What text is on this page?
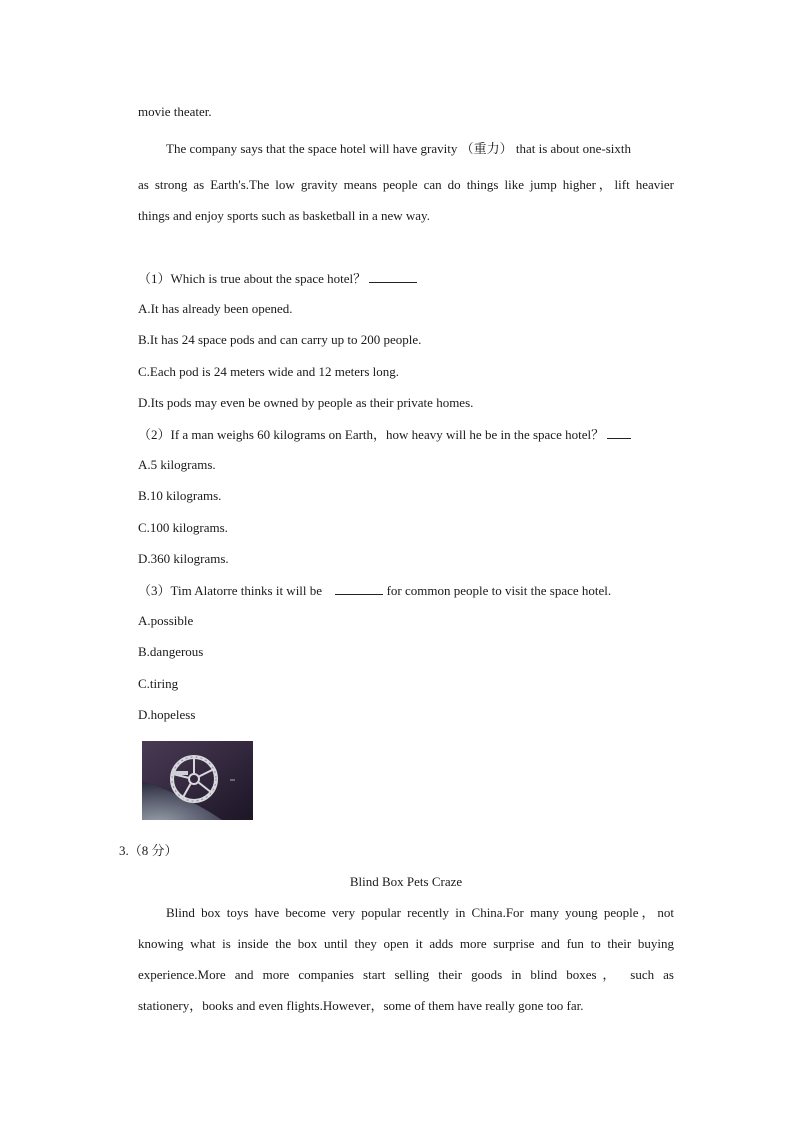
movie theater.
The company says that the space hotel will have gravity （重力） that is about one-sixth
as strong as Earth's.The low gravity means people can do things like jump higher，lift heavier
things and enjoy sports such as basketball in a new way.
（1）Which is true about the space hotel？
A.It has already been opened.
B.It has 24 space pods and can carry up to 200 people.
C.Each pod is 24 meters wide and 12 meters long.
D.Its pods may even be owned by people as their private homes.
（2）If a man weighs 60 kilograms on Earth，how heavy will he be in the space hotel？
A.5 kilograms.
B.10 kilograms.
C.100 kilograms.
D.360 kilograms.
（3）Tim Alatorre thinks it will be	for common people to visit the space hotel.
A.possible
B.dangerous
C.tiring
D.hopeless
3.（8 分）
Blind Box Pets Craze
Blind box toys have become very popular recently in China.For many young people，not
knowing what is inside the box until they open it adds more surprise and fun to their buying
experience.More and more companies start selling their goods in blind boxes， such as
stationery，books and even flights.However，some of them have really gone too far.
